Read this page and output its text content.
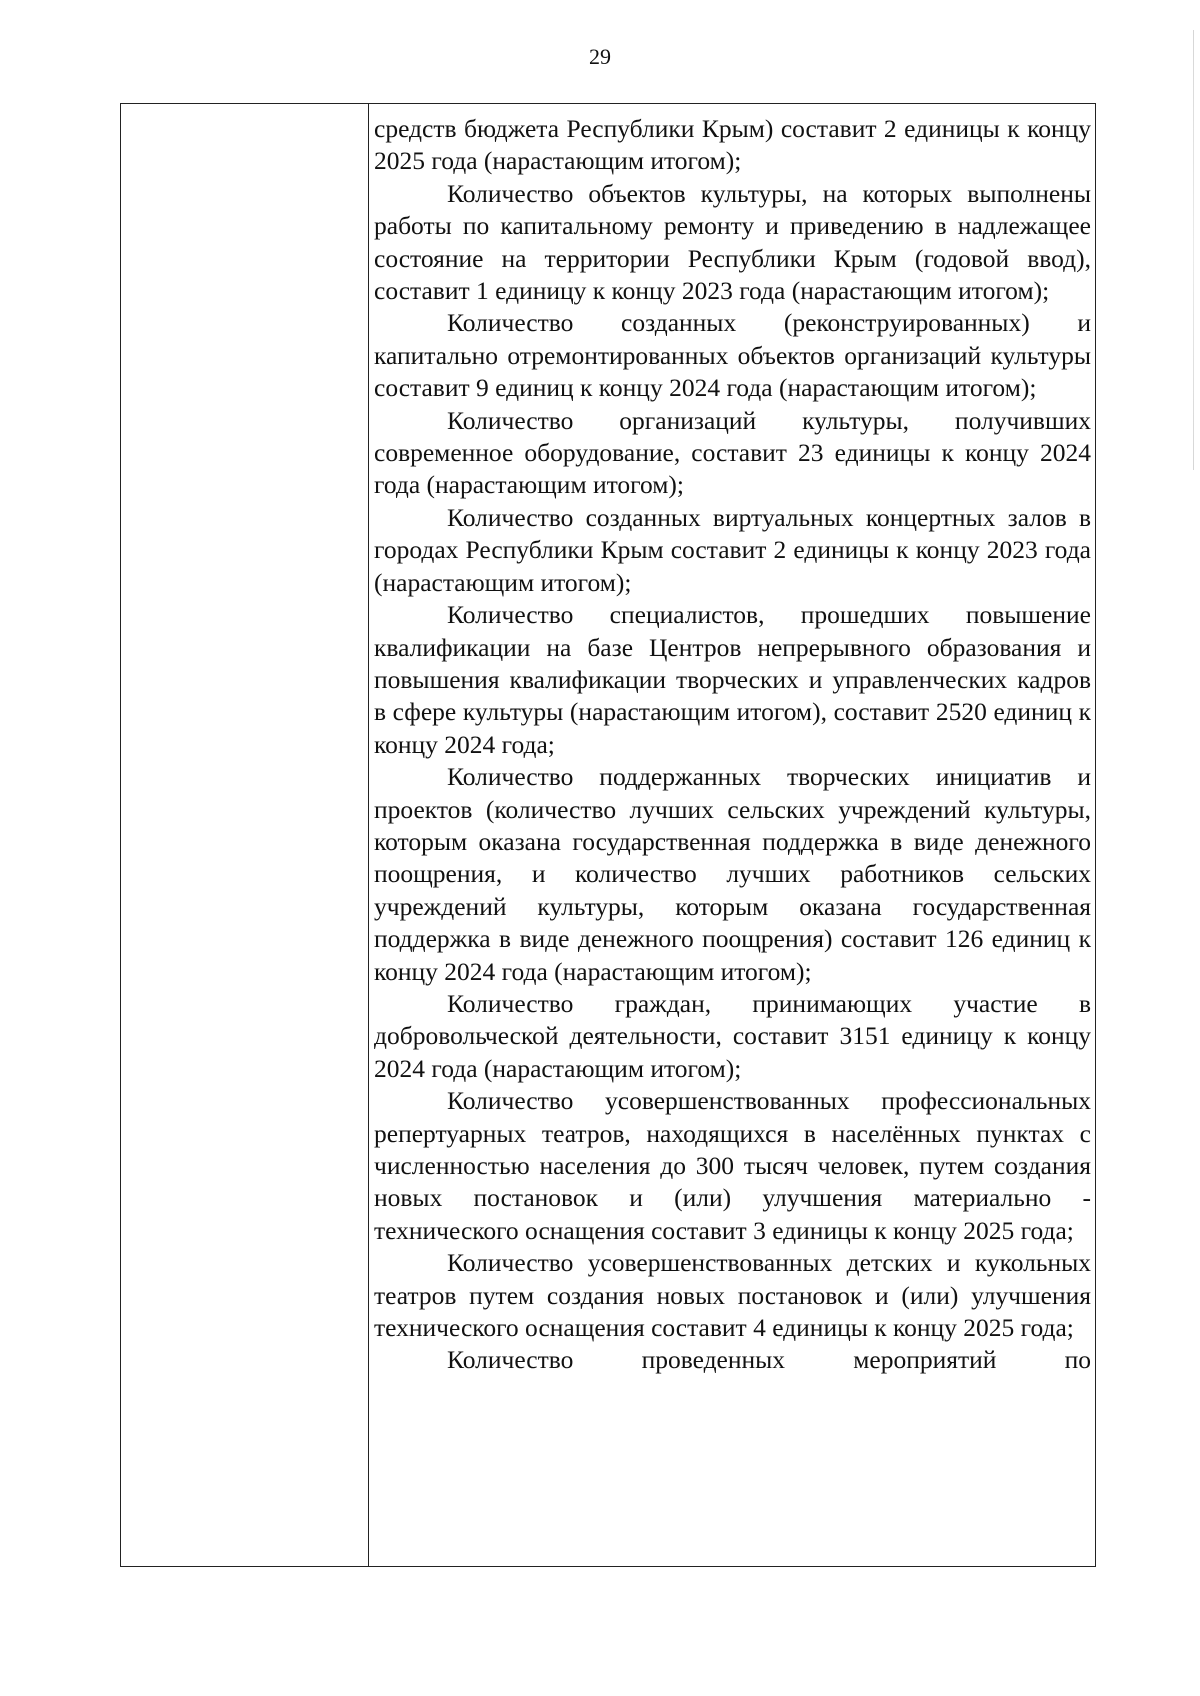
29

средств бюджета Республики Крым) составит 2 единицы к концу 2025 года (нарастающим итогом);

Количество объектов культуры, на которых выполнены работы по капитальному ремонту и приведению в надлежащее состояние на территории Республики Крым (годовой ввод), составит 1 единицу к концу 2023 года (нарастающим итогом);

Количество созданных (реконструированных) и капитально отремонтированных объектов организаций культуры составит 9 единиц к концу 2024 года (нарастающим итогом);

Количество организаций культуры, получивших современное оборудование, составит 23 единицы к концу 2024 года (нарастающим итогом);

Количество созданных виртуальных концертных залов в городах Республики Крым составит 2 единицы к концу 2023 года (нарастающим итогом);

Количество специалистов, прошедших повышение квалификации на базе Центров непрерывного образования и повышения квалификации творческих и управленческих кадров в сфере культуры (нарастающим итогом), составит 2520 единиц к концу 2024 года;

Количество поддержанных творческих инициатив и проектов (количество лучших сельских учреждений культуры, которым оказана государственная поддержка в виде денежного поощрения, и количество лучших работников сельских учреждений культуры, которым оказана государственная поддержка в виде денежного поощрения) составит 126 единиц к концу 2024 года (нарастающим итогом);

Количество граждан, принимающих участие в добровольческой деятельности, составит 3151 единицу к концу 2024 года (нарастающим итогом);

Количество усовершенствованных профессиональных репертуарных театров, находящихся в населённых пунктах с численностью населения до 300 тысяч человек, путем создания новых постановок и (или) улучшения материально - технического оснащения составит 3 единицы к концу 2025 года;

Количество усовершенствованных детских и кукольных театров путем создания новых постановок и (или) улучшения технического оснащения составит 4 единицы к концу 2025 года;

Количество проведенных мероприятий по
